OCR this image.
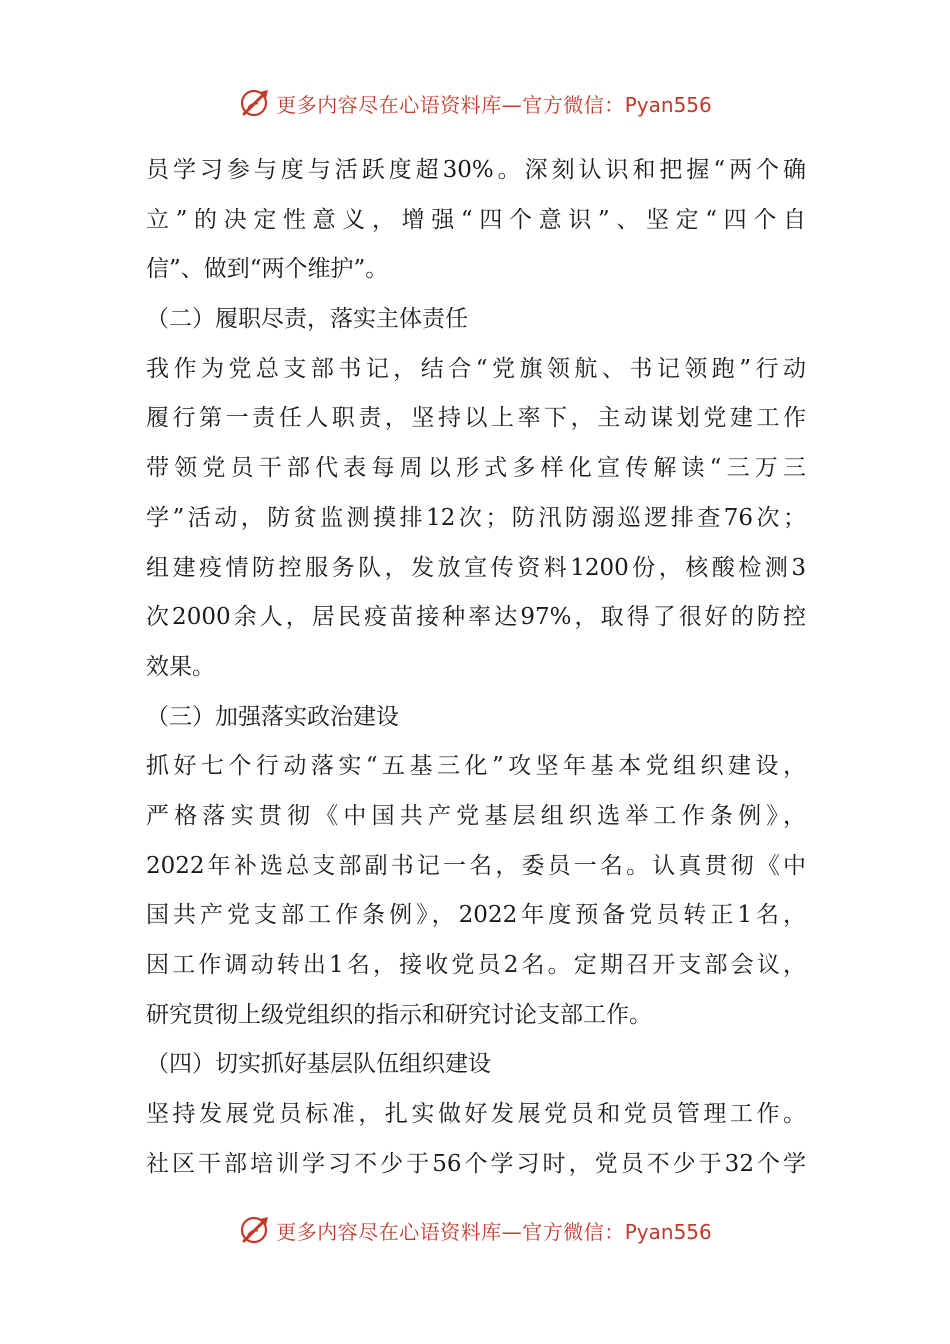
更多内容尽在心语资料库—官方微信：Pyan556
员学习参与度与活跃度超30%。深刻认识和把握“两个确
立”的决定性意义，增强“四个意识”、坚定“四个自
信”、做到“两个维护”。
（二）履职尽责，落实主体责任
我作为党总支部书记，结合“党旗领航、书记领跑”行动
履行第一责任人职责，坚持以上率下，主动谋划党建工作
带领党员干部代表每周以形式多样化宣传解读“三万三
学”活动，防贫监测摸排12次；防汛防溺巡逻排查76次；
组建疫情防控服务队，发放宣传资料1200份，核酸检测3
次2000余人，居民疫苗接种率达97%，取得了很好的防控
效果。
（三）加强落实政治建设
抓好七个行动落实“五基三化”攻坚年基本党组织建设，
严格落实贯彻《中国共产党基层组织选举工作条例》，
2022年补选总支部副书记一名，委员一名。认真贯彻《中
国共产党支部工作条例》，2022年度预备党员转正1名，
因工作调动转出1名，接收党员2名。定期召开支部会议，
研究贯彻上级党组织的指示和研究讨论支部工作。
（四）切实抓好基层队伍组织建设
坚持发展党员标准，扎实做好发展党员和党员管理工作。
社区干部培训学习不少于56个学习时，党员不少于32个学
更多内容尽在心语资料库—官方微信：Pyan556
